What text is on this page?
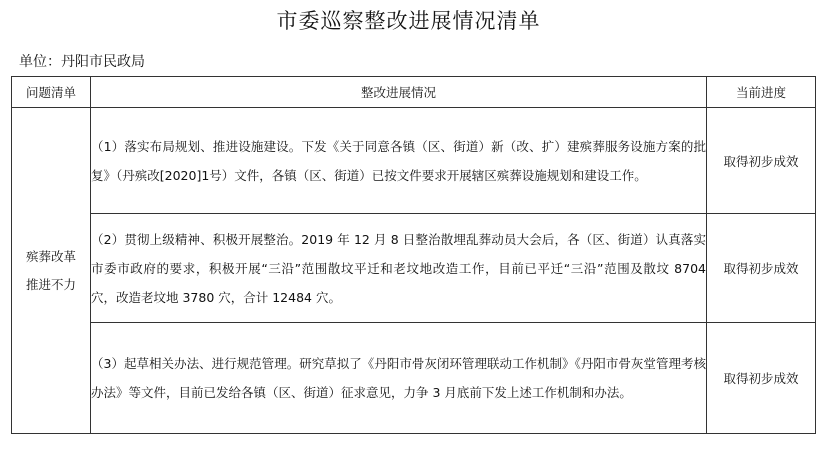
市委巡察整改进展情况清单
单位：丹阳市民政局
问题清单	整改进展情况	当前进度

殡葬改革
推进不力	（1）落实布局规划、推进设施建设。下发《关于同意各镇（区、街道）新（改、扩）建殡葬服务设施方案的批复》（丹殡改[2020]1号）文件，各镇（区、街道）已按文件要求开展辖区殡葬设施规划和建设工作。	取得初步成效
	（2）贯彻上级精神、积极开展整治。2019 年 12 月 8 日整治散埋乱葬动员大会后，各（区、街道）认真落实市委市政府的要求，积极开展“三沿”范围散坟平迁和老坟地改造工作，目前已平迁“三沿”范围及散坟 8704 穴，改造老坟地 3780 穴，合计 12484 穴。	取得初步成效
	（3）起草相关办法、进行规范管理。研究草拟了《丹阳市骨灰闭环管理联动工作机制》《丹阳市骨灰堂管理考核办法》等文件，目前已发给各镇（区、街道）征求意见，力争 3 月底前下发上述工作机制和办法。	取得初步成效
